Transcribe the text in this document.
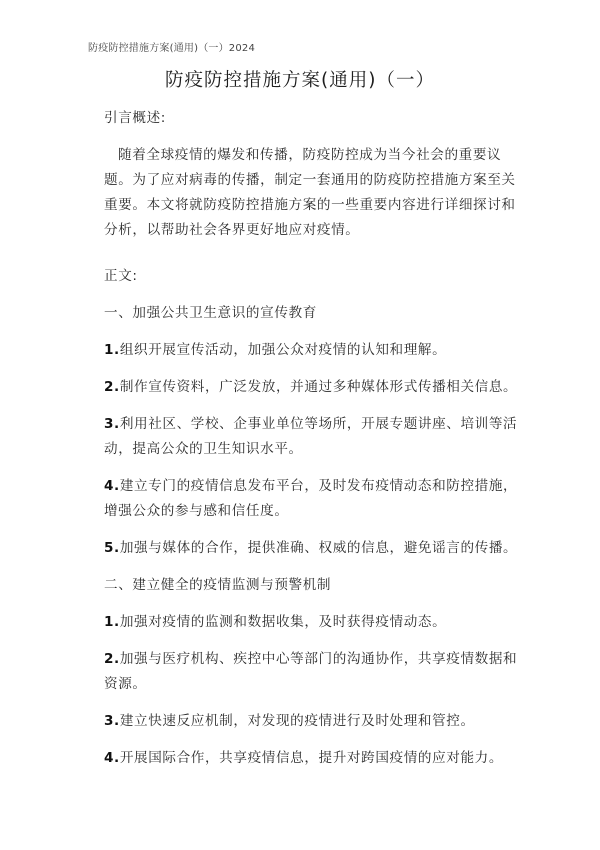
防疫防控措施方案(通用)（一）2024
防疫防控措施方案(通用)（一）

引言概述:

随着全球疫情的爆发和传播，防疫防控成为当今社会的重要议题。为了应对病毒的传播，制定一套通用的防疫防控措施方案至关重要。本文将就防疫防控措施方案的一些重要内容进行详细探讨和分析，以帮助社会各界更好地应对疫情。

正文:

一、加强公共卫生意识的宣传教育

1.组织开展宣传活动，加强公众对疫情的认知和理解。

2.制作宣传资料，广泛发放，并通过多种媒体形式传播相关信息。

3.利用社区、学校、企事业单位等场所，开展专题讲座、培训等活动，提高公众的卫生知识水平。

4.建立专门的疫情信息发布平台，及时发布疫情动态和防控措施，增强公众的参与感和信任度。

5.加强与媒体的合作，提供准确、权威的信息，避免谣言的传播。

二、建立健全的疫情监测与预警机制

1.加强对疫情的监测和数据收集，及时获得疫情动态。

2.加强与医疗机构、疾控中心等部门的沟通协作，共享疫情数据和资源。

3.建立快速反应机制，对发现的疫情进行及时处理和管控。

4.开展国际合作，共享疫情信息，提升对跨国疫情的应对能力。
